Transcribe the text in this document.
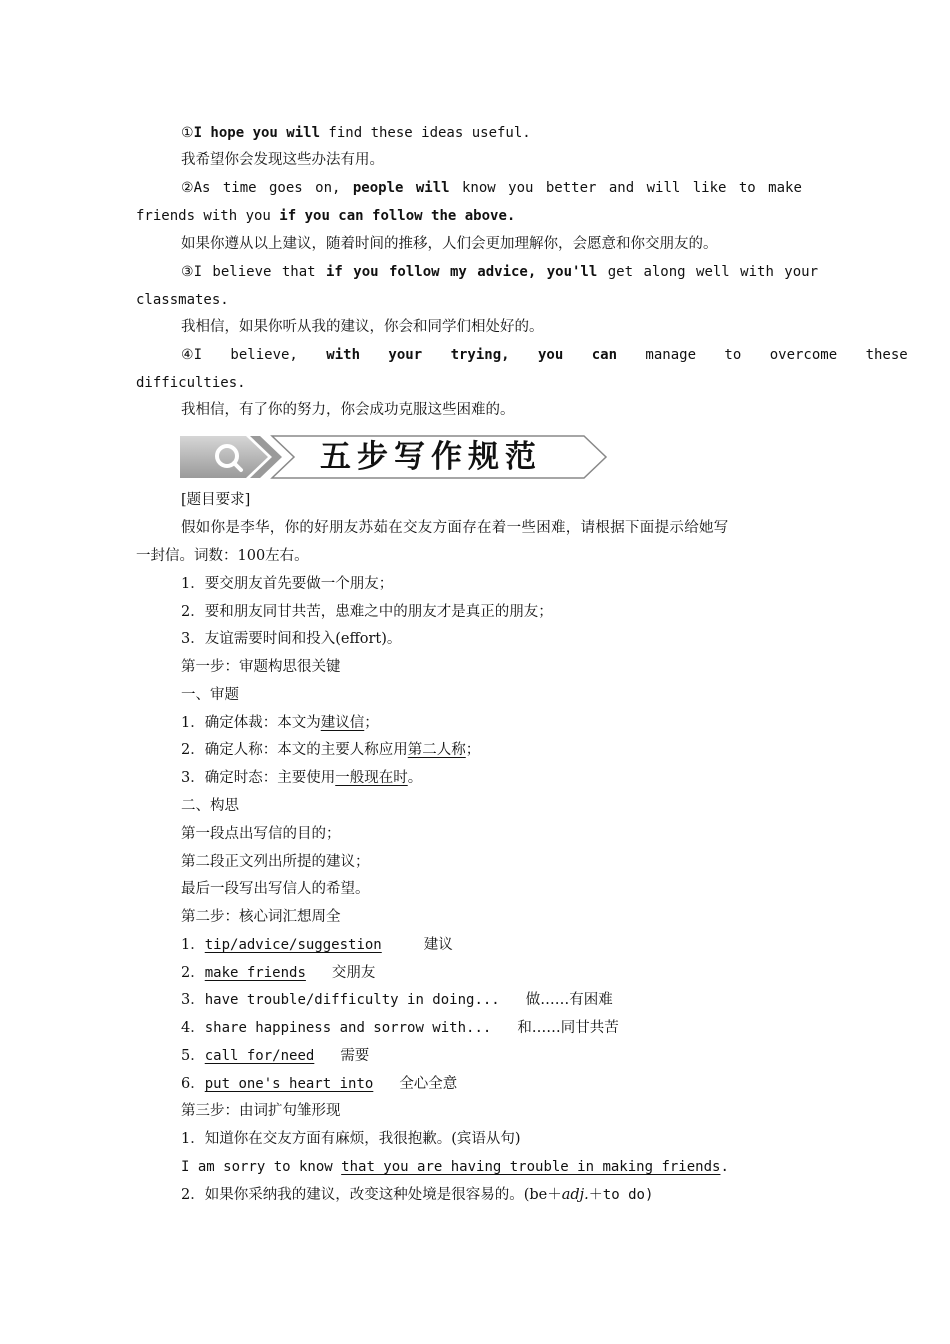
①I hope you will find these ideas useful.
我希望你会发现这些办法有用。
②As time goes on, people will know you better and will like to make
friends with you if you can follow the above.
如果你遵从以上建议，随着时间的推移，人们会更加理解你，会愿意和你交朋友的。
③I believe that if you follow my advice, you'll get along well with your
classmates.
我相信，如果你听从我的建议，你会和同学们相处好的。
④I believe, with your trying, you can manage to overcome these
difficulties.
我相信，有了你的努力，你会成功克服这些困难的。
五步写作规范
[题目要求]
假如你是李华，你的好朋友苏茹在交友方面存在着一些困难，请根据下面提示给她写
一封信。词数：100左右。
1．要交朋友首先要做一个朋友；
2．要和朋友同甘共苦，患难之中的朋友才是真正的朋友；
3．友谊需要时间和投入(effort)。
第一步：审题构思很关键
一、审题
1．确定体裁：本文为建议信；
2．确定人称：本文的主要人称应用第二人称；
3．确定时态：主要使用一般现在时。
二、构思
第一段点出写信的目的；
第二段正文列出所提的建议；
最后一段写出写信人的希望。
第二步：核心词汇想周全
1．tip/advice/suggestion	建议
2．make friends 交朋友
3．have trouble/difficulty in doing... 做……有困难
4．share happiness and sorrow with... 和……同甘共苦
5．call for/need 需要
6．put one's heart into 全心全意
第三步：由词扩句雏形现
1．知道你在交友方面有麻烦，我很抱歉。(宾语从句)
I am sorry to know that you are having trouble in making friends.
2．如果你采纳我的建议，改变这种处境是很容易的。(be＋adj.＋to do)
